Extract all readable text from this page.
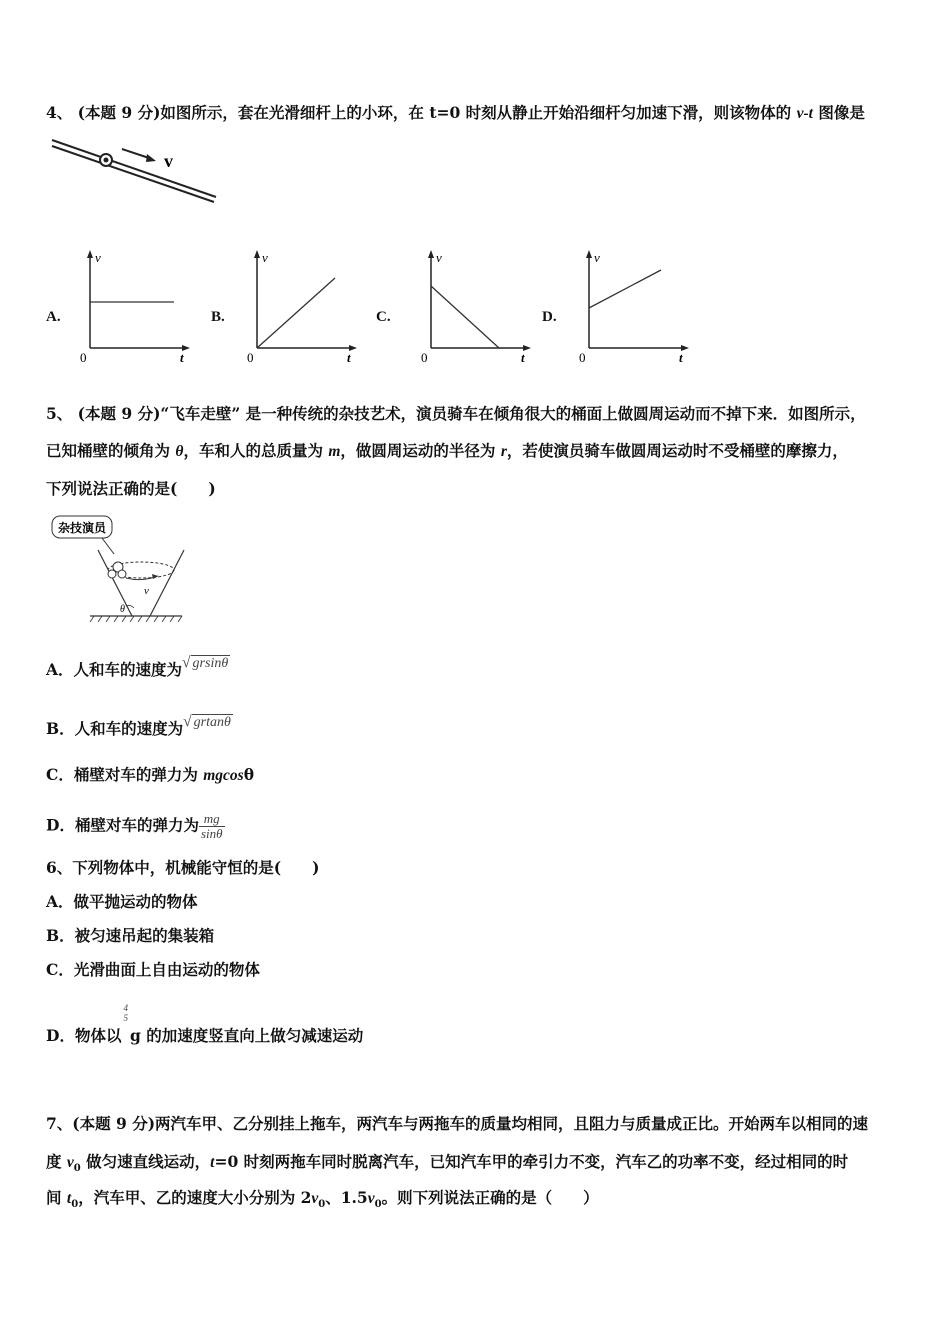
4、 (本题 9 分)如图所示，套在光滑细杆上的小环，在 t=0 时刻从静止开始沿细杆匀加速下滑，则该物体的 v-t 图像是
v
A.
v
t
0
B.
v
t
0
C.
v
t
0
D.
v
t
0
5、 (本题 9 分)“飞车走壁” 是一种传统的杂技艺术，演员骑车在倾角很大的桶面上做圆周运动而不掉下来．如图所示，
已知桶壁的倾角为 θ，车和人的总质量为 m，做圆周运动的半径为 r，若使演员骑车做圆周运动时不受桶壁的摩擦力，
下列说法正确的是(　　)
杂技演员
v
θ
A．人和车的速度为√ grsinθ
B．人和车的速度为√ grtanθ
C．桶壁对车的弹力为 mgcosθ
D．桶壁对车的弹力为 $\frac{mg}{\sin\theta}$
6、下列物体中，机械能守恒的是(　　)
A．做平抛运动的物体
B．被匀速吊起的集装箱
C．光滑曲面上自由运动的物体
D．物体以
4
5
g 的加速度竖直向上做匀减速运动
7、(本题 9 分)两汽车甲、乙分别挂上拖车，两汽车与两拖车的质量均相同，且阻力与质量成正比。开始两车以相同的速
度 $v_0$ 做匀速直线运动，t=0 时刻两拖车同时脱离汽车，已知汽车甲的牵引力不变，汽车乙的功率不变，经过相同的时
间 $t_0$，汽车甲、乙的速度大小分别为 $2v_0$、$1.5v_0$。则下列说法正确的是（　　）
